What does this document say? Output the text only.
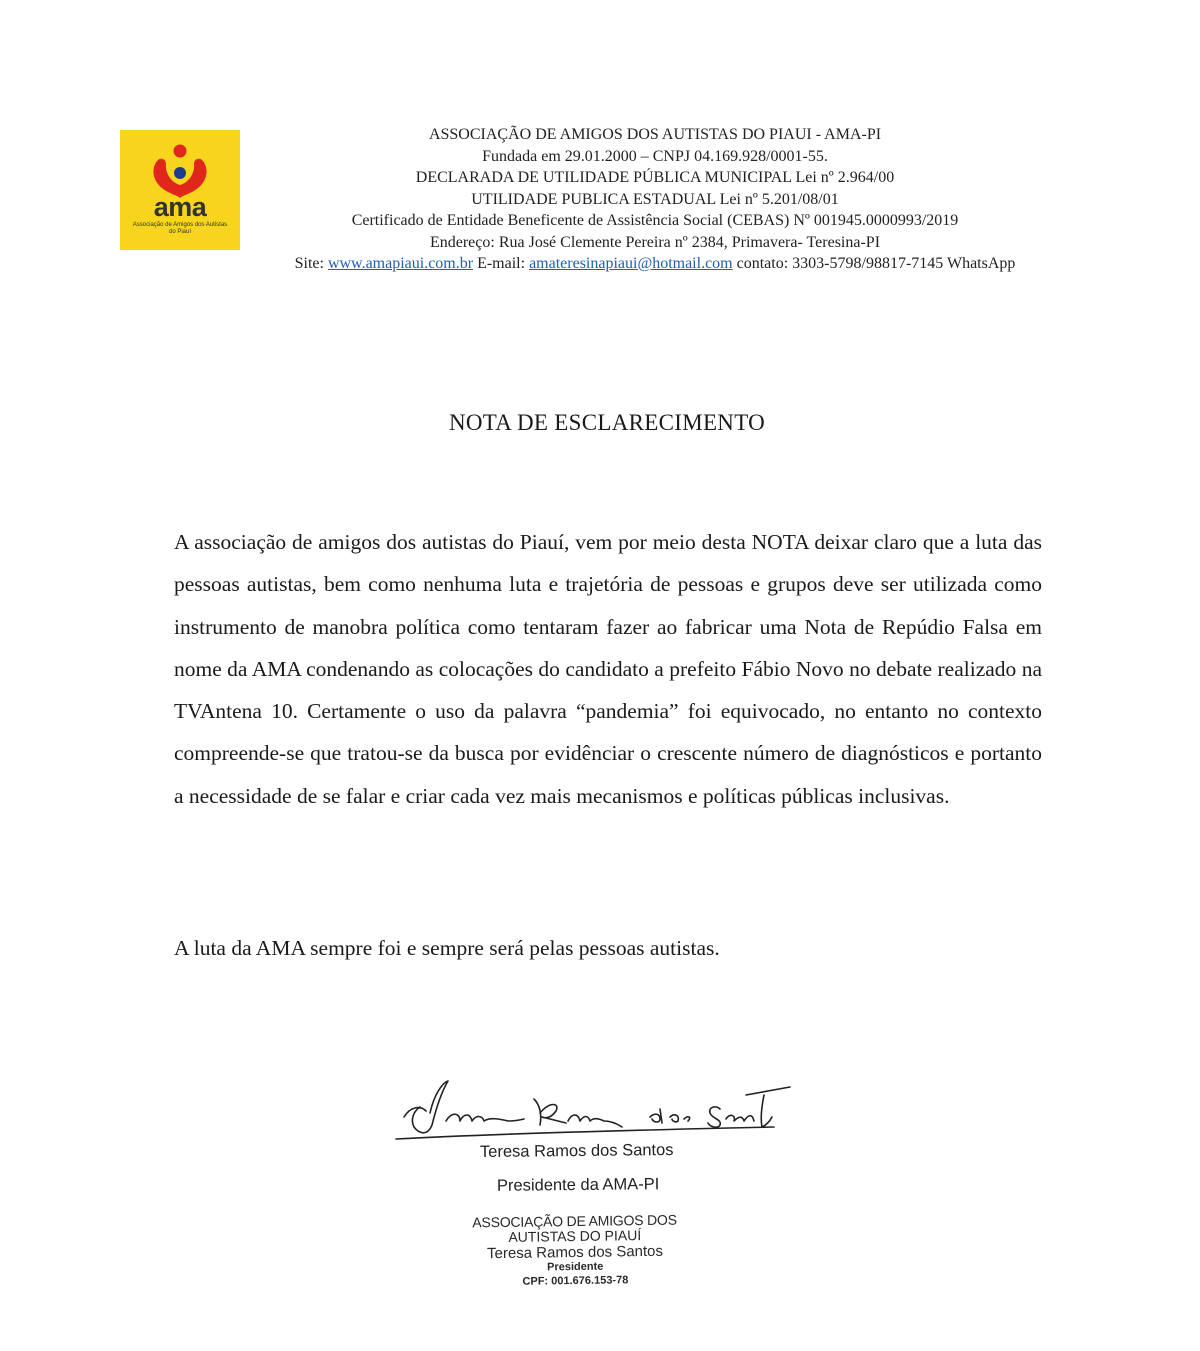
ama
Associação de Amigos dos Autistas do Piauí
ASSOCIAÇÃO DE AMIGOS DOS AUTISTAS DO PIAUI - AMA-PI
Fundada em 29.01.2000 – CNPJ 04.169.928/0001-55.
DECLARADA DE UTILIDADE PÚBLICA MUNICIPAL Lei nº 2.964/00
UTILIDADE PUBLICA ESTADUAL Lei nº 5.201/08/01
Certificado de Entidade Beneficente de Assistência Social (CEBAS) Nº 001945.0000993/2019
Endereço: Rua José Clemente Pereira nº 2384, Primavera- Teresina-PI
Site: www.amapiaui.com.br E-mail: amateresinapiaui@hotmail.com contato: 3303-5798/98817-7145 WhatsApp
NOTA DE ESCLARECIMENTO
A associação de amigos dos autistas do Piauí, vem por meio desta NOTA deixar claro que a luta das pessoas autistas, bem como nenhuma luta e trajetória de pessoas e grupos deve ser utilizada como instrumento de manobra política como tentaram fazer ao fabricar uma Nota de Repúdio Falsa em nome da AMA condenando as colocações do candidato a prefeito Fábio Novo no debate realizado na TVAntena 10. Certamente o uso da palavra “pandemia” foi equivocado, no entanto no contexto compreende-se que tratou-se da busca por evidênciar o crescente número de diagnósticos e portanto a necessidade de se falar e criar cada vez mais mecanismos e políticas públicas inclusivas.
A luta da AMA sempre foi e sempre será pelas pessoas autistas.
Teresa Ramos dos Santos
Presidente da AMA-PI
ASSOCIAÇÃO DE AMIGOS DOS
AUTISTAS DO PIAUÍ
Teresa Ramos dos Santos
Presidente
CPF: 001.676.153-78
